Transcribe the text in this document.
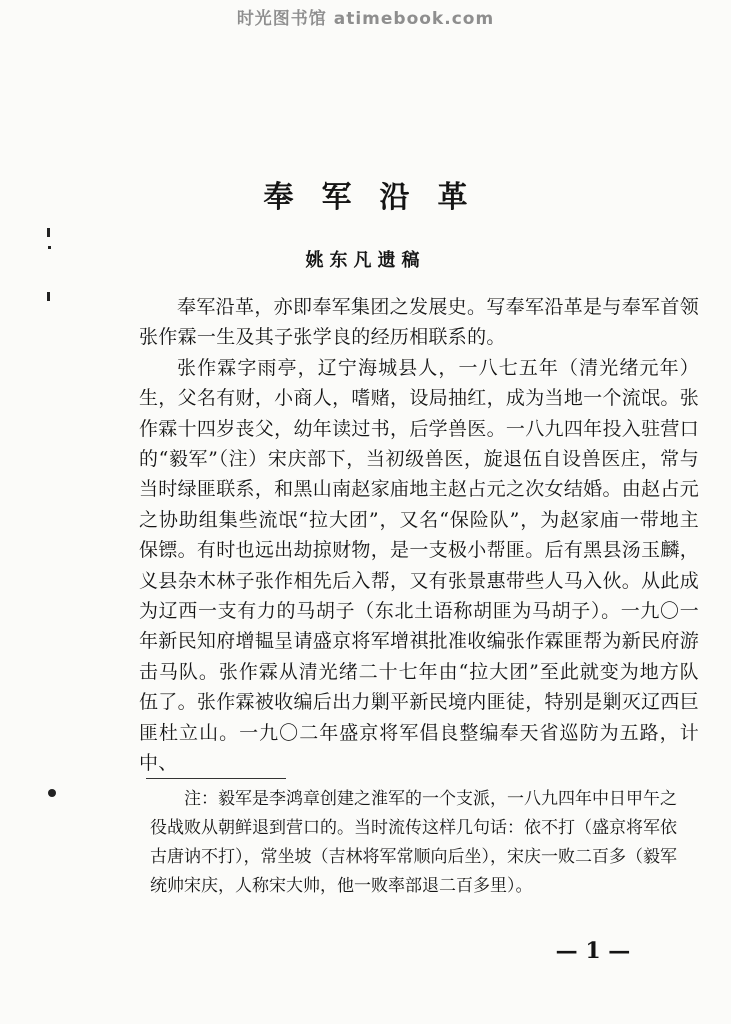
时光图书馆 atimebook.com
奉军沿革
姚东凡遗稿

奉军沿革，亦即奉军集团之发展史。写奉军沿革是与奉军首领张作霖一生及其子张学良的经历相联系的。

张作霖字雨亭，辽宁海城县人，一八七五年（清光绪元年）生，父名有财，小商人，嗜赌，设局抽红，成为当地一个流氓。张作霖十四岁丧父，幼年读过书，后学兽医。一八九四年投入驻营口的“毅军”（注）宋庆部下，当初级兽医，旋退伍自设兽医庄，常与当时绿匪联系，和黑山南赵家庙地主赵占元之次女结婚。由赵占元之协助组集些流氓“拉大团”，又名“保险队”，为赵家庙一带地主保镖。有时也远出劫掠财物，是一支极小帮匪。后有黑县汤玉麟，义县杂木林子张作相先后入帮，又有张景惠带些人马入伙。从此成为辽西一支有力的马胡子（东北土语称胡匪为马胡子）。一九〇一年新民知府增韫呈请盛京将军增祺批准收编张作霖匪帮为新民府游击马队。张作霖从清光绪二十七年由“拉大团”至此就变为地方队伍了。张作霖被收编后出力剿平新民境内匪徒，特别是剿灭辽西巨匪杜立山。一九〇二年盛京将军倡良整编奉天省巡防为五路，计中、

注：毅军是李鸿章创建之淮军的一个支派，一八九四年中日甲午之役战败从朝鲜退到营口的。当时流传这样几句话：依不打（盛京将军依古唐讷不打），常坐坡（吉林将军常顺向后坐），宋庆一败二百多（毅军统帅宋庆，人称宋大帅，他一败率部退二百多里）。

— 1 —
